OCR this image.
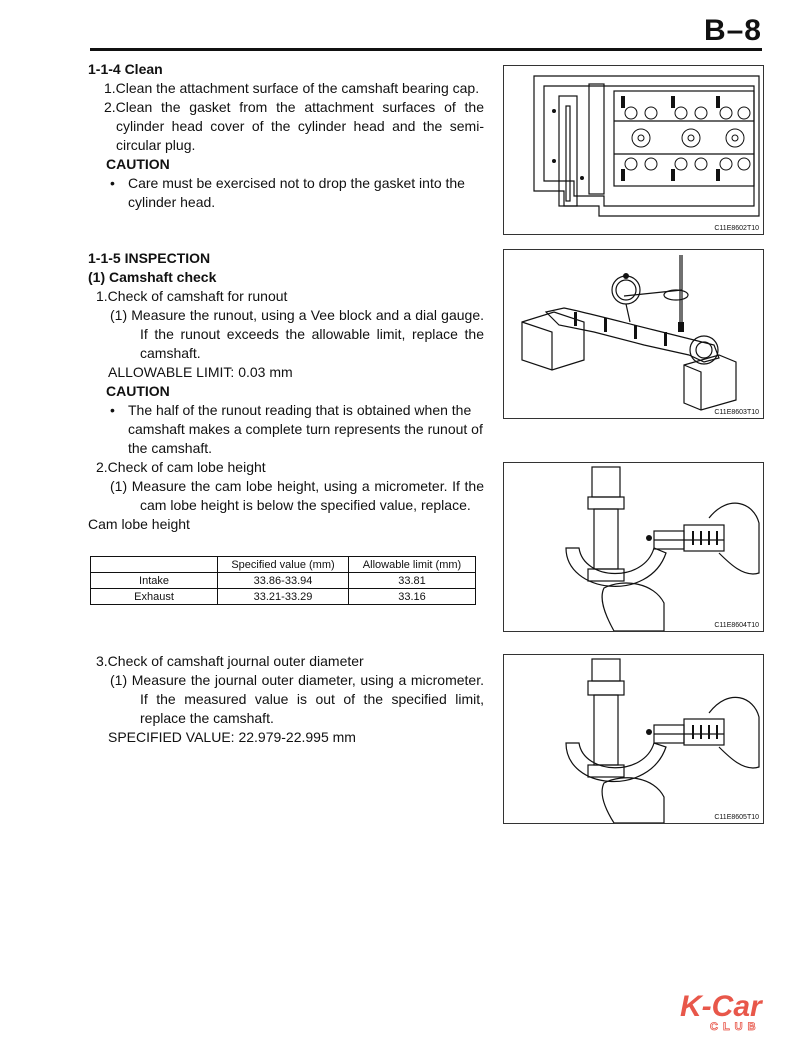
B–8
1-1-4 Clean
1.Clean the attachment surface of the camshaft bearing cap.
2.Clean the gasket from the attachment surfaces of the cylinder head cover of the cylinder head and the semi-circular plug.
CAUTION
• Care must be exercised not to drop the gasket into the cylinder head.
1-1-5 INSPECTION
(1) Camshaft check
1.Check of camshaft for runout
(1) Measure the runout, using a Vee block and a dial gauge. If the runout exceeds the allowable limit, replace the camshaft.
ALLOWABLE LIMIT: 0.03 mm
CAUTION
• The half of the runout reading that is obtained when the camshaft makes a complete turn represents the runout of the camshaft.
2.Check of cam lobe height
(1) Measure the cam lobe height, using a micrometer. If the cam lobe height is below the specified value, replace.
Cam lobe height
	Specified value (mm)	Allowable limit (mm)
Intake	33.86-33.94	33.81
Exhaust	33.21-33.29	33.16
3.Check of camshaft journal outer diameter
(1) Measure the journal outer diameter, using a micrometer. If the measured value is out of the specified limit, replace the camshaft.
SPECIFIED VALUE: 22.979-22.995 mm
C11E8602T10
C11E8603T10
C11E8604T10
C11E8605T10
K-Car
CLUB
